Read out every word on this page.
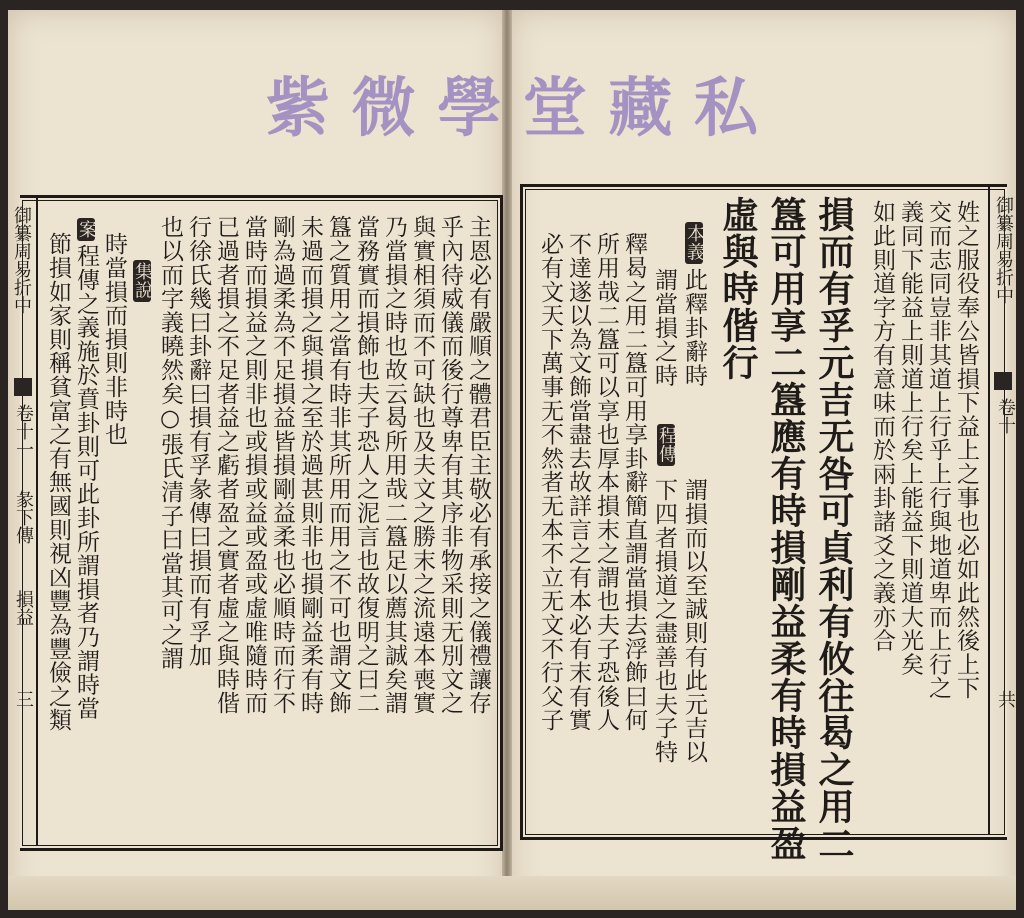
紫 微 學 堂 藏 私
御纂周易折中
卷十
共
姓之服役奉公皆損下益上之事也必如此然後上下
交而志同豈非其道上行乎上行與地道卑而上行之
義同下能益上則道上行矣上能益下則道大光矣
如此則道字方有意味而於兩卦諸爻之義亦合
損而有孚元吉无咎可貞利有攸往曷之用二
簋可用享二簋應有時損剛益柔有時損益盈
虛與時偕行
本義
此釋卦辭時
謂當損之時
程傳
謂損而以至誠則有此元吉以
下四者損道之盡善也夫子特
釋曷之用二簋可用享卦辭簡直謂當損去浮飾曰何
所用哉二簋可以享也厚本損末之謂也夫子恐後人
不達遂以為文飾當盡去故詳言之有本必有末有實
必有文天下萬事无不然者无本不立无文不行父子
御纂周易折中
卷十一
彖下傳
損益
三	主恩必有嚴順之體君臣主敬必有承接之儀禮讓存
乎內待威儀而後行尊卑有其序非物采則无別文之
與實相須而不可缺也及夫文之勝末之流遠本喪實
乃當損之時也故云曷所用哉二簋足以薦其誠矣謂
當務實而損飾也夫子恐人之泥言也故復明之曰二
簋之質用之當有時非其所用而用之不可也謂文飾
未過而損之與損之至於過甚則非也損剛益柔有時
剛為過柔為不足損益皆損剛益柔也必順時而行不
當時而損益之則非也或損或益或盈或虛唯隨時而
已過者損之不足者益之虧者盈之實者虛之與時偕
行徐氏幾曰卦辭曰損有孚彖傳曰損而有孚加
也以而字義曉然矣○張氏清子曰當其可之謂
集說
時當損而損則非時也
案
程傳之義施於賁卦則可此卦所謂損者乃謂時當
節損如家則稱貧富之有無國則視凶豐為豐儉之類
